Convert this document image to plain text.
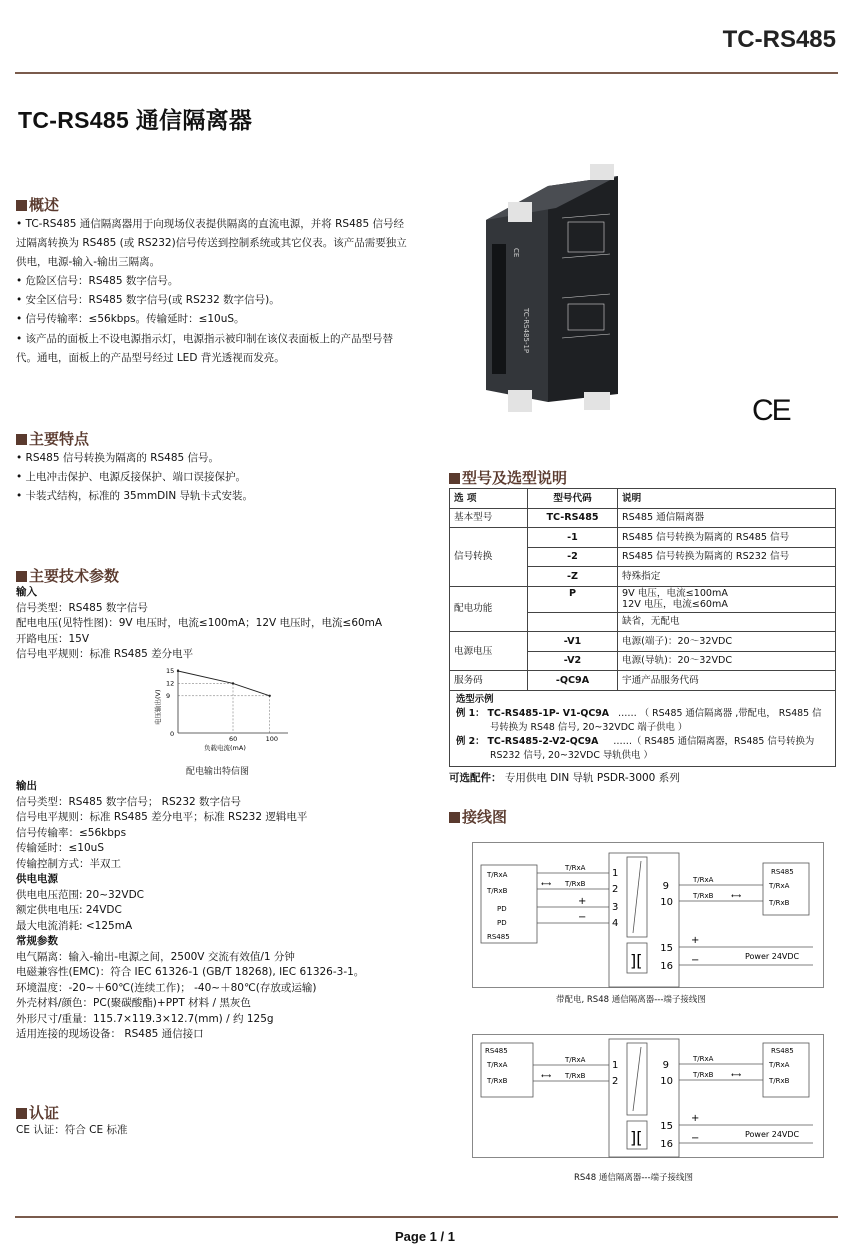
TC-RS485
TC-RS485 通信隔离器
概述
• TC-RS485 通信隔离器用于向现场仪表提供隔离的直流电源，并将 RS485 信号经过隔离转换为 RS485 (或 RS232)信号传送到控制系统或其它仪表。该产品需要独立供电，电源-输入-输出三隔离。
• 危险区信号：RS485 数字信号。
• 安全区信号：RS485 数字信号(或 RS232 数字信号)。
• 信号传输率：≤56kbps。传输延时：≤10uS。
• 该产品的面板上不设电源指示灯，电源指示被印制在该仪表面板上的产品型号替代。通电，面板上的产品型号经过 LED 背光透视而发亮。
TC-RS485-1P
CE
CE
主要特点
• RS485 信号转换为隔离的 RS485 信号。
• 上电冲击保护、电源反接保护、端口误接保护。
• 卡装式结构，标准的 35mmDIN 导轨卡式安装。
主要技术参数
输入
信号类型：RS485 数字信号
配电电压(见特性图)：9V 电压时，电流≤100mA；12V 电压时，电流≤60mA
开路电压：15V
信号电平规则：标准 RS485 差分电平
0
60	100
15
12
9
负载电流(mA)
电压输出(V)
配电输出特信图
输出
信号类型：RS485 数字信号； RS232 数字信号
信号电平规则：标准 RS485 差分电平；标准 RS232 逻辑电平
信号传输率：≤56kbps
传输延时：≤10uS
传输控制方式：半双工
供电电源
供电电压范围: 20~32VDC
额定供电电压: 24VDC
最大电流消耗: <125mA
常规参数
电气隔离：输入-输出-电源之间，2500V 交流有效值/1 分钟
电磁兼容性(EMC)：符合 IEC 61326-1 (GB/T 18268), IEC 61326-3-1。
环境温度：-20~＋60℃(连续工作)； -40~＋80℃(存放或运输)
外壳材料/颜色：PC(聚碳酸酯)+PPT 材料 / 黑灰色
外形尺寸/重量：115.7×119.3×12.7(mm) / 约 125g
适用连接的现场设备： RS485 通信接口
认证
CE 认证：符合 CE 标准
型号及选型说明
选 项	型号代码	说明
基本型号	TC-RS485	RS485 通信隔离器
信号转换	-1	RS485 信号转换为隔离的 RS485 信号
	-2	RS485 信号转换为隔离的 RS232 信号
	-Z	特殊指定
配电功能	P	9V 电压，电流≤100mA
12V 电压，电流≤60mA

		缺省，无配电
电源电压	-V1	电源(端子)：20～32VDC
	-V2	电源(导轨)：20～32VDC
服务码	-QC9A	宇通产品服务代码

选型示例
例 1： TC-RS485-1P- V1-QC9A …… （ RS485 通信隔离器 ,带配电， RS485 信
号转换为 RS48 信号, 20~32VDC 端子供电 ）
例 2： TC-RS485-2-V2-QC9A ……（ RS485 通信隔离器，RS485 信号转换为
RS232 信号, 20~32VDC 导轨供电 ）		
可选配件： 专用供电 DIN 导轨 PSDR-3000 系列
接线图
T/RxA
T/RxB
PD
PD
RS485
][
T/RxA
T/RxB
⟷
+
−
1
2
3
4
9
10
15
16
T/RxA
T/RxB	⟷
RS485
T/RxA
T/RxB
+
−	Power 24VDC
带配电, RS48 通信隔离器---端子接线图
RS485
T/RxA
T/RxB
][
T/RxA
T/RxB
⟷
1
2
9
10
15
16
T/RxA
T/RxB	⟷
RS485
T/RxA
T/RxB
+
−	Power 24VDC
RS48 通信隔离器---端子接线图
Page 1 / 1
